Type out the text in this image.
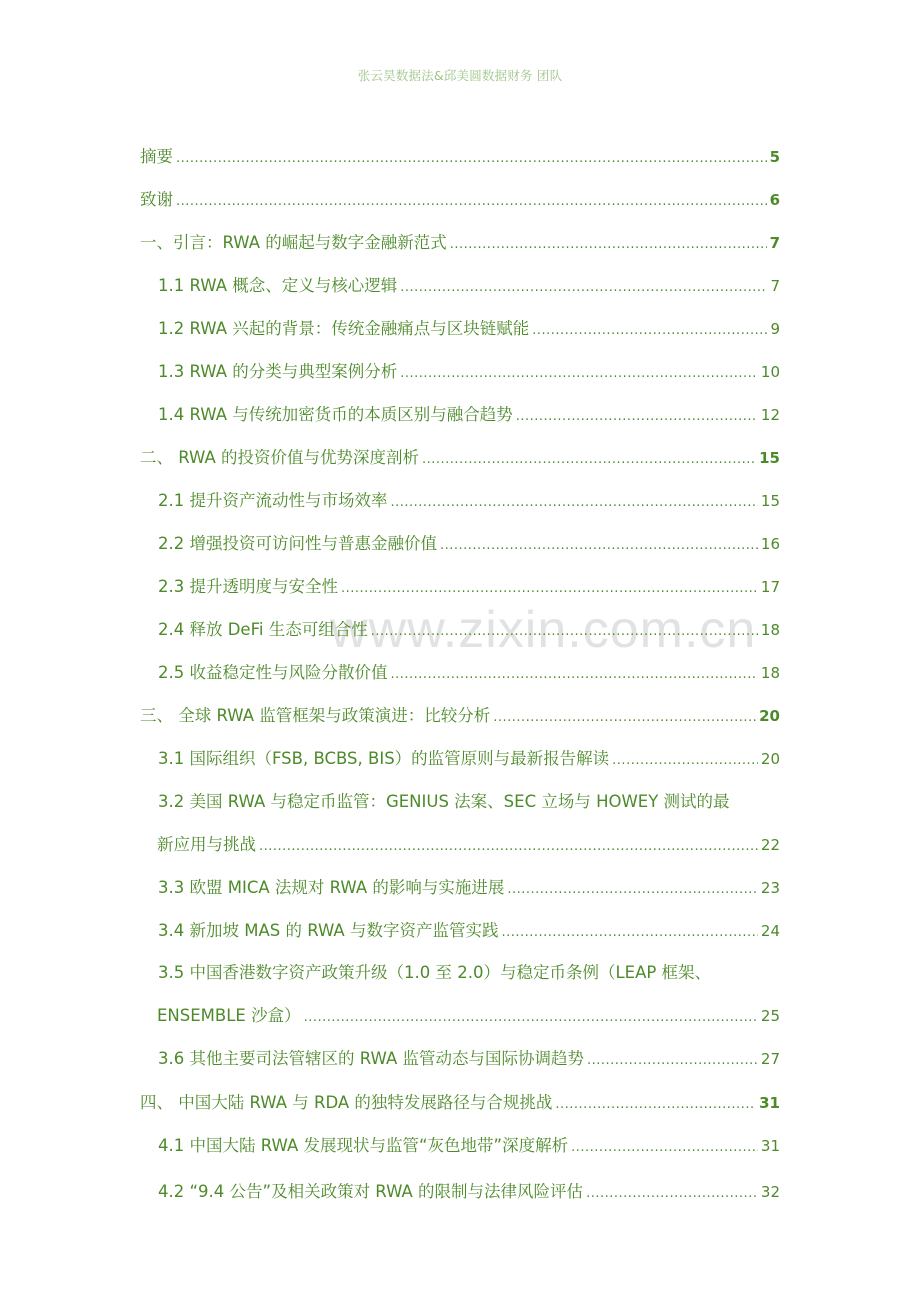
张云昊数据法&邱美圆数据财务 团队
www.zixin.com.cn
摘要 .....	5
致谢 .....	6
一、引言：RWA 的崛起与数字金融新范式 .....	7
1.1 RWA 概念、定义与核心逻辑 .....	7
1.2 RWA 兴起的背景：传统金融痛点与区块链赋能 .....	9
1.3 RWA 的分类与典型案例分析 .....	10
1.4 RWA 与传统加密货币的本质区别与融合趋势 .....	12
二、 RWA 的投资价值与优势深度剖析 .....	15
2.1 提升资产流动性与市场效率 .....	15
2.2 增强投资可访问性与普惠金融价值 .....	16
2.3 提升透明度与安全性 .....	17
2.4 释放 DeFi 生态可组合性 .....	18
2.5 收益稳定性与风险分散价值 .....	18
三、 全球 RWA 监管框架与政策演进：比较分析 .....	20
3.1 国际组织（FSB, BCBS, BIS）的监管原则与最新报告解读 .....	20
3.2 美国 RWA 与稳定币监管：GENIUS 法案、SEC 立场与 HOWEY 测试的最
新应用与挑战 .....	22
3.3 欧盟 MICA 法规对 RWA 的影响与实施进展 .....	23
3.4 新加坡 MAS 的 RWA 与数字资产监管实践 .....	24
3.5 中国香港数字资产政策升级（1.0 至 2.0）与稳定币条例（LEAP 框架、
ENSEMBLE 沙盒） .....	25
3.6 其他主要司法管辖区的 RWA 监管动态与国际协调趋势 .....	27
四、 中国大陆 RWA 与 RDA 的独特发展路径与合规挑战 .....	31
4.1 中国大陆 RWA 发展现状与监管“灰色地带”深度解析 .....	31
4.2 “9.4 公告”及相关政策对 RWA 的限制与法律风险评估 .....	32
